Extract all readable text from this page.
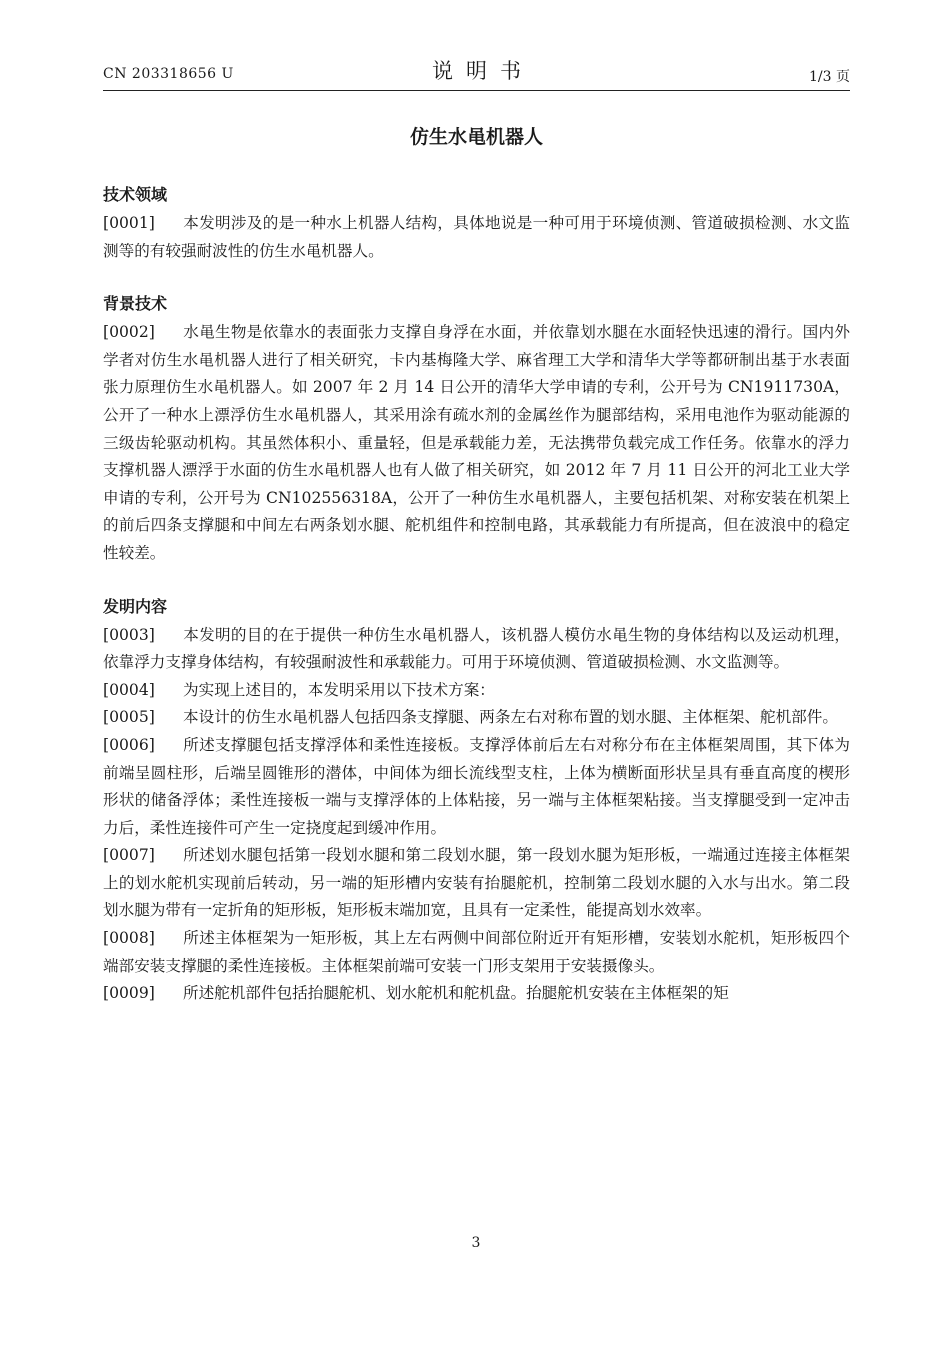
CN 203318656 U	说明书	1/3 页
仿生水黾机器人
技术领域

[0001] 本发明涉及的是一种水上机器人结构，具体地说是一种可用于环境侦测、管道破损检测、水文监测等的有较强耐波性的仿生水黾机器人。

背景技术

[0002] 水黾生物是依靠水的表面张力支撑自身浮在水面，并依靠划水腿在水面轻快迅速的滑行。国内外学者对仿生水黾机器人进行了相关研究，卡内基梅隆大学、麻省理工大学和清华大学等都研制出基于水表面张力原理仿生水黾机器人。如 2007 年 2 月 14 日公开的清华大学申请的专利，公开号为 CN1911730A，公开了一种水上漂浮仿生水黾机器人，其采用涂有疏水剂的金属丝作为腿部结构，采用电池作为驱动能源的三级齿轮驱动机构。其虽然体积小、重量轻，但是承载能力差，无法携带负载完成工作任务。依靠水的浮力支撑机器人漂浮于水面的仿生水黾机器人也有人做了相关研究，如 2012 年 7 月 11 日公开的河北工业大学申请的专利，公开号为 CN102556318A，公开了一种仿生水黾机器人，主要包括机架、对称安装在机架上的前后四条支撑腿和中间左右两条划水腿、舵机组件和控制电路，其承载能力有所提高，但在波浪中的稳定性较差。

发明内容

[0003] 本发明的目的在于提供一种仿生水黾机器人，该机器人模仿水黾生物的身体结构以及运动机理，依靠浮力支撑身体结构，有较强耐波性和承载能力。可用于环境侦测、管道破损检测、水文监测等。

[0004] 为实现上述目的，本发明采用以下技术方案：

[0005] 本设计的仿生水黾机器人包括四条支撑腿、两条左右对称布置的划水腿、主体框架、舵机部件。

[0006] 所述支撑腿包括支撑浮体和柔性连接板。支撑浮体前后左右对称分布在主体框架周围，其下体为前端呈圆柱形，后端呈圆锥形的潜体，中间体为细长流线型支柱，上体为横断面形状呈具有垂直高度的楔形形状的储备浮体；柔性连接板一端与支撑浮体的上体粘接，另一端与主体框架粘接。当支撑腿受到一定冲击力后，柔性连接件可产生一定挠度起到缓冲作用。

[0007] 所述划水腿包括第一段划水腿和第二段划水腿，第一段划水腿为矩形板，一端通过连接主体框架上的划水舵机实现前后转动，另一端的矩形槽内安装有抬腿舵机，控制第二段划水腿的入水与出水。第二段划水腿为带有一定折角的矩形板，矩形板末端加宽，且具有一定柔性，能提高划水效率。

[0008] 所述主体框架为一矩形板，其上左右两侧中间部位附近开有矩形槽，安装划水舵机，矩形板四个端部安装支撑腿的柔性连接板。主体框架前端可安装一门形支架用于安装摄像头。

[0009] 所述舵机部件包括抬腿舵机、划水舵机和舵机盘。抬腿舵机安装在主体框架的矩

3
